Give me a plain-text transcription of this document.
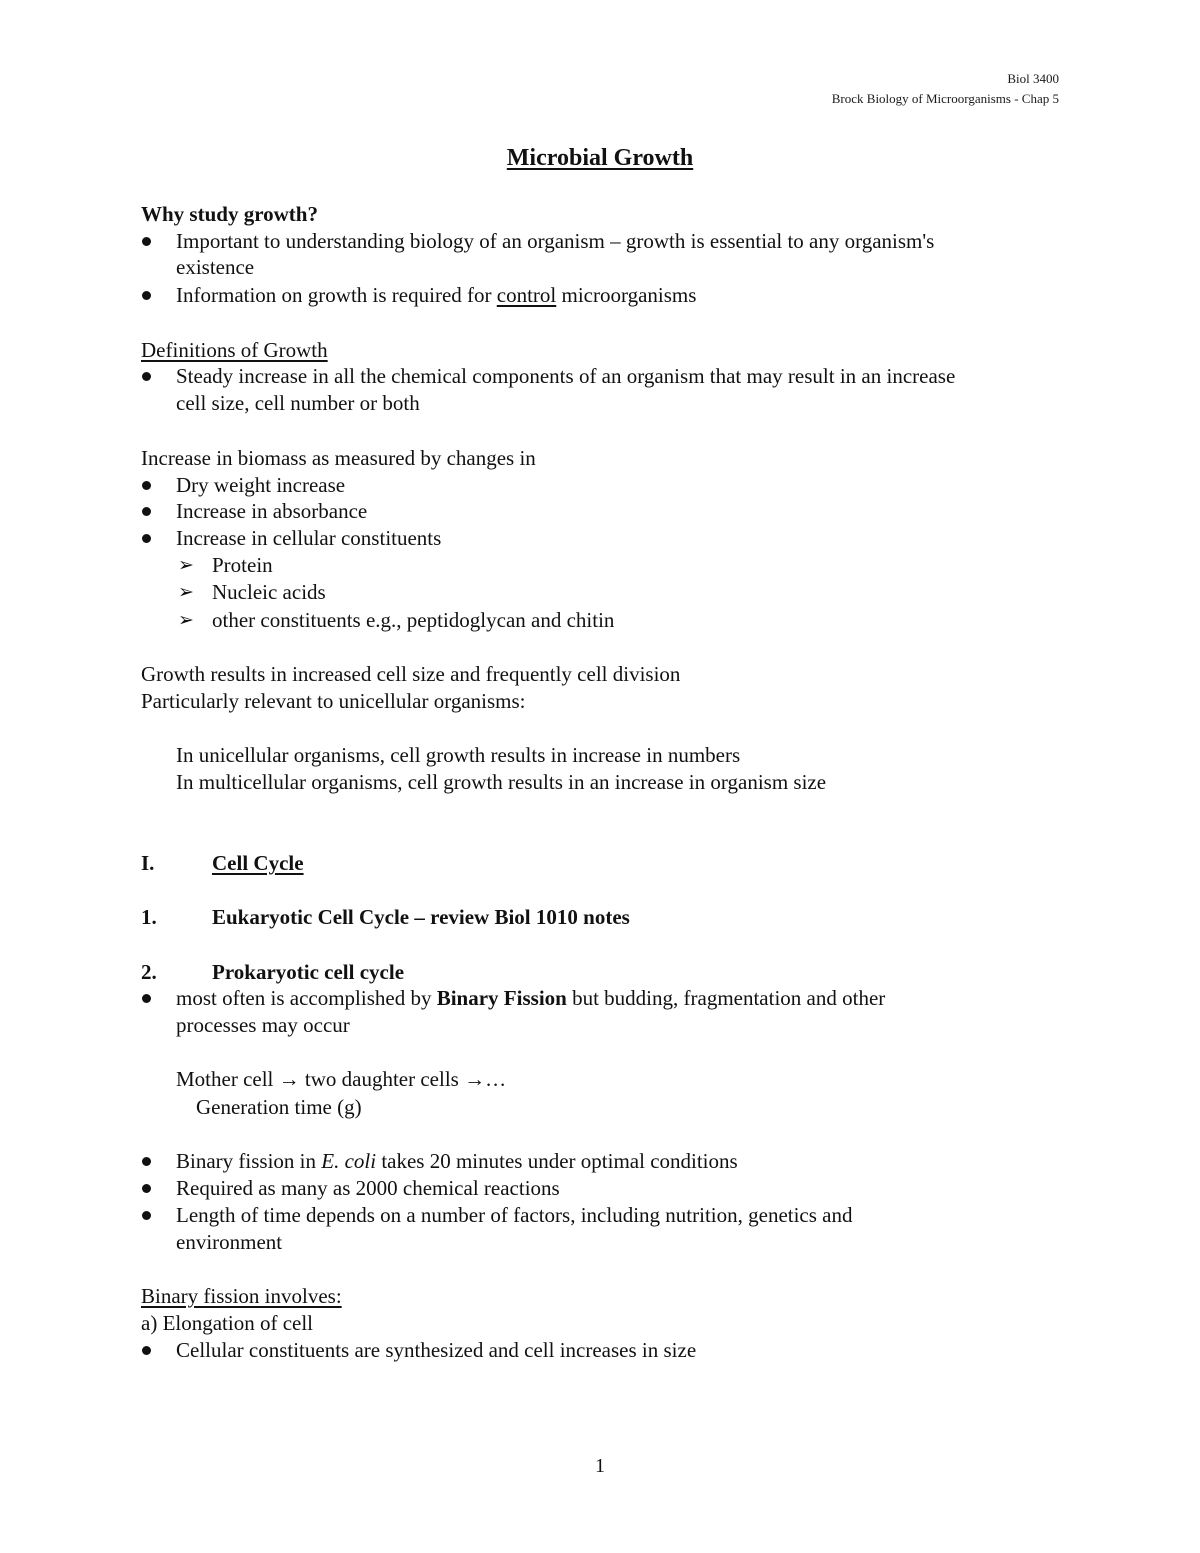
Biol 3400
Brock Biology of Microorganisms - Chap 5
Microbial Growth
Why study growth?
Important to understanding biology of an organism – growth is essential to any organism's
existence
Information on growth is required for control microorganisms
Definitions of Growth
Steady increase in all the chemical components of an organism that may result in an increase
cell size, cell number or both
Increase in biomass as measured by changes in
Dry weight increase
Increase in absorbance
Increase in cellular constituents
➢ Protein
➢ Nucleic acids
➢ other constituents e.g., peptidoglycan and chitin
Growth results in increased cell size and frequently cell division
Particularly relevant to unicellular organisms:
In unicellular organisms, cell growth results in increase in numbers
In multicellular organisms, cell growth results in an increase in organism size
I.	Cell Cycle
1.	Eukaryotic Cell Cycle – review Biol 1010 notes
2.	Prokaryotic cell cycle
most often is accomplished by Binary Fission but budding, fragmentation and other
processes may occur
Mother cell → two daughter cells →…
Generation time (g)
Binary fission in E. coli takes 20 minutes under optimal conditions
Required as many as 2000 chemical reactions
Length of time depends on a number of factors, including nutrition, genetics and
environment
Binary fission involves:
a) Elongation of cell
Cellular constituents are synthesized and cell increases in size
1
